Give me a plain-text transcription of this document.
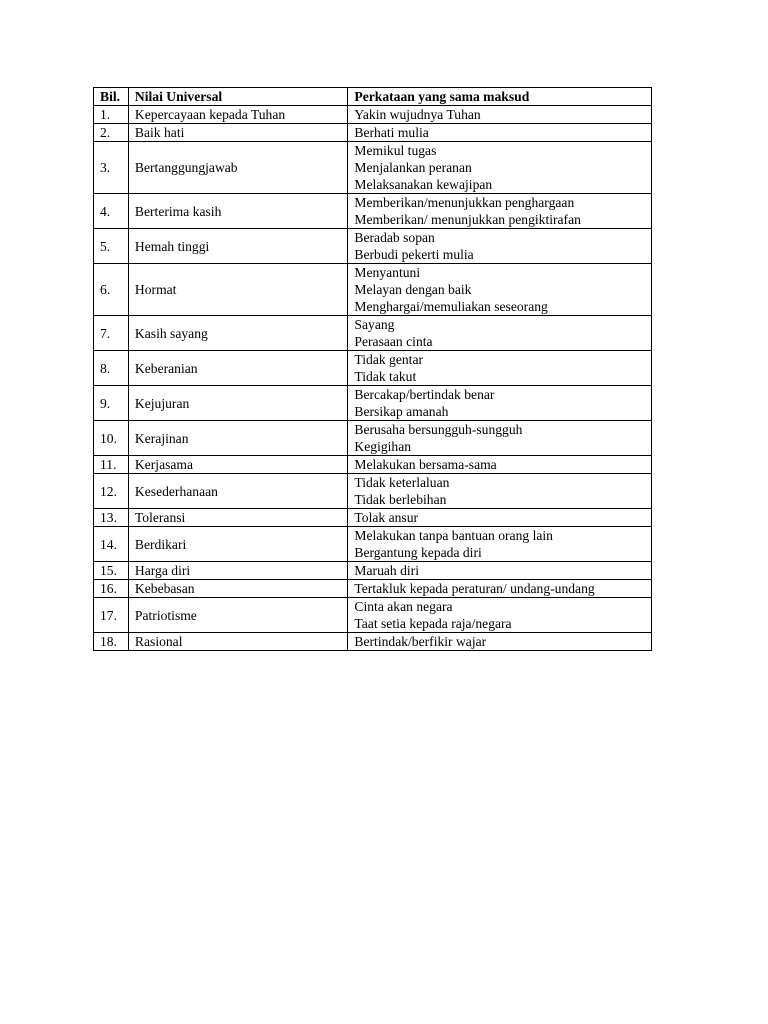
Bil.	Nilai Universal	Perkataan yang sama maksud
1.	Kepercayaan kepada Tuhan	Yakin wujudnya Tuhan

2.	Baik hati	Berhati mulia

3.	Bertanggungjawab	Memikul tugas
Menjalankan peranan
Melaksanakan kewajipan

4.	Berterima kasih	Memberikan/menunjukkan penghargaan
Memberikan/ menunjukkan pengiktirafan

5.	Hemah tinggi	Beradab sopan
Berbudi pekerti mulia

6.	Hormat	Menyantuni
Melayan dengan baik
Menghargai/memuliakan seseorang

7.	Kasih sayang	Sayang
Perasaan cinta

8.	Keberanian	Tidak gentar
Tidak takut

9.	Kejujuran	Bercakap/bertindak benar
Bersikap amanah

10.	Kerajinan	Berusaha bersungguh-sungguh
Kegigihan

11.	Kerjasama	Melakukan bersama-sama

12.	Kesederhanaan	Tidak keterlaluan
Tidak berlebihan

13.	Toleransi	Tolak ansur

14.	Berdikari	Melakukan tanpa bantuan orang lain
Bergantung kepada diri

15.	Harga diri	Maruah diri

16.	Kebebasan	Tertakluk kepada peraturan/ undang-undang

17.	Patriotisme	Cinta akan negara
Taat setia kepada raja/negara

18.	Rasional	Bertindak/berfikir wajar
